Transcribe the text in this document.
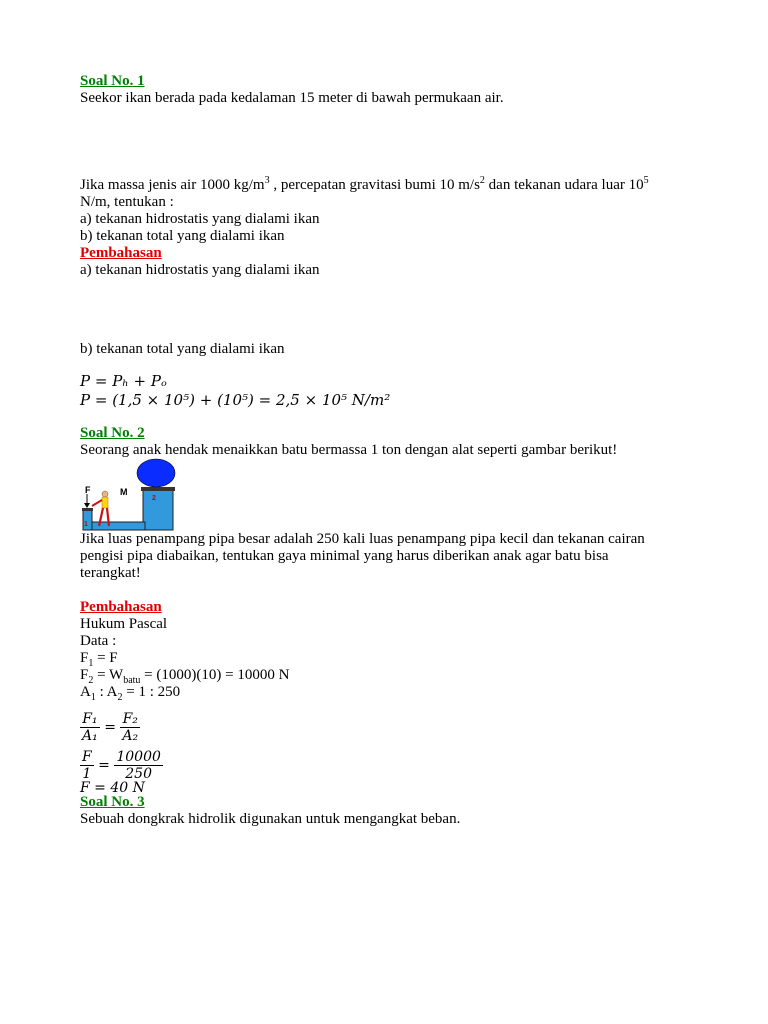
Soal No. 1
Seekor ikan berada pada kedalaman 15 meter di bawah permukaan air.
Jika massa jenis air 1000 $kg/m^3$ , percepatan gravitasi bumi 10 $m/s^2$ dan tekanan udara luar $10^5$
N/m, tentukan :
a) tekanan hidrostatis yang dialami ikan
b) tekanan total yang dialami ikan
Pembahasan
a) tekanan hidrostatis yang dialami ikan
b) tekanan total yang dialami ikan
P = Pₕ + Pₒ
P = (1,5 × 10⁵) + (10⁵) = 2,5 × 10⁵ N/m²
Soal No. 2
Seorang anak hendak menaikkan batu bermassa 1 ton dengan alat seperti gambar berikut!
F	M
1
2
Jika luas penampang pipa besar adalah 250 kali luas penampang pipa kecil dan tekanan cairan
pengisi pipa diabaikan, tentukan gaya minimal yang harus diberikan anak agar batu bisa
terangkat!
Pembahasan
Hukum Pascal
Data :
$F_1 = F$
$F_2 = W_{batu} = (1000)(10) = 10000$ N
$A_1$ : $A_2 = 1$ : 250
$\frac{\text{F₁}}{\text{A₁}} = \frac{\text{F₂}}{\text{A₂}}$
$\frac{F}{1} = \frac{10000}{250}$
F = 40 N
Soal No. 3
Sebuah dongkrak hidrolik digunakan untuk mengangkat beban.
